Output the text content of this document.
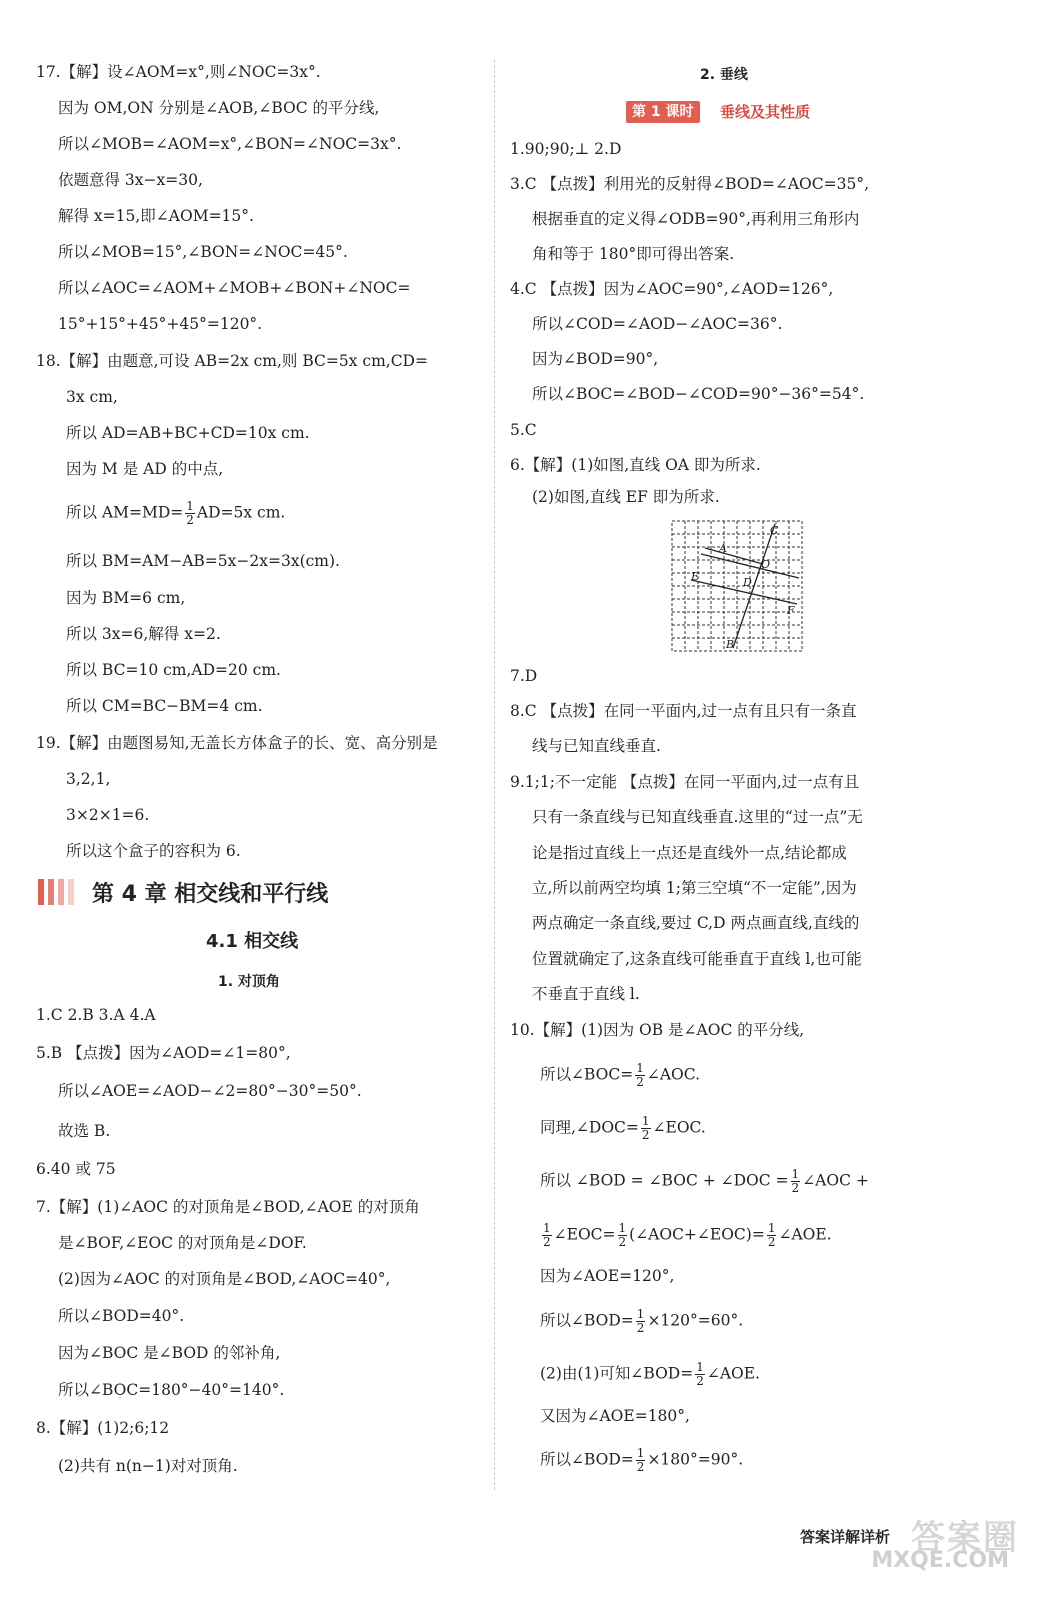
17.【解】设∠AOM=x°,则∠NOC=3x°.
因为 OM,ON 分别是∠AOB,∠BOC 的平分线,
所以∠MOB=∠AOM=x°,∠BON=∠NOC=3x°.
依题意得 3x−x=30,
解得 x=15,即∠AOM=15°.
所以∠MOB=15°,∠BON=∠NOC=45°.
所以∠AOC=∠AOM+∠MOB+∠BON+∠NOC=
15°+15°+45°+45°=120°.
18.【解】由题意,可设 AB=2x cm,则 BC=5x cm,CD=
3x cm,
所以 AD=AB+BC+CD=10x cm.
因为 M 是 AD 的中点,
所以 $AM=MD= \frac{1}{2} AD=5x$ cm.
所以 BM=AM−AB=5x−2x=3x(cm).
因为 BM=6 cm,
所以 3x=6,解得 x=2.
所以 BC=10 cm,AD=20 cm.
所以 CM=BC−BM=4 cm.
19.【解】由题图易知,无盖长方体盒子的长、宽、高分别是
3,2,1,
3×2×1=6.
所以这个盒子的容积为 6.
第 4 章 相交线和平行线
4.1 相交线
1. 对顶角
1.C 2.B 3.A 4.A
5.B 【点拨】因为∠AOD=∠1=80°,
所以∠AOE=∠AOD−∠2=80°−30°=50°.
故选 B.
6.40 或 75
7.【解】(1)∠AOC 的对顶角是∠BOD,∠AOE 的对顶角
是∠BOF,∠EOC 的对顶角是∠DOF.
(2)因为∠AOC 的对顶角是∠BOD,∠AOC=40°,
所以∠BOD=40°.
因为∠BOC 是∠BOD 的邻补角,
所以∠BOC=180°−40°=140°.
8.【解】(1)2;6;12
(2)共有 n(n−1)对对顶角.
2. 垂线
第 1 课时	垂线及其性质
1.90;90;⊥ 2.D
3.C 【点拨】利用光的反射得∠BOD=∠AOC=35°,
根据垂直的定义得∠ODB=90°,再利用三角形内
角和等于 180°即可得出答案.
4.C 【点拨】因为∠AOC=90°,∠AOD=126°,
所以∠COD=∠AOD−∠AOC=36°.
因为∠BOD=90°,
所以∠BOC=∠BOD−∠COD=90°−36°=54°.
5.C
6.【解】(1)如图,直线 OA 即为所求.
(2)如图,直线 EF 即为所求.
C
A
O
E	D
F
B
7.D
8.C 【点拨】在同一平面内,过一点有且只有一条直
线与已知直线垂直.
9.1;1;不一定能 【点拨】在同一平面内,过一点有且
只有一条直线与已知直线垂直.这里的“过一点”无
论是指过直线上一点还是直线外一点,结论都成
立,所以前两空均填 1;第三空填“不一定能”,因为
两点确定一条直线,要过 C,D 两点画直线,直线的
位置就确定了,这条直线可能垂直于直线 l,也可能
不垂直于直线 l.
10.【解】(1)因为 OB 是∠AOC 的平分线,
所以∠BOC= $\frac{1}{2}$ ∠AOC.
同理,∠DOC= $\frac{1}{2}$ ∠EOC.
所以 ∠BOD = ∠BOC + ∠DOC = $\frac{1}{2}$ ∠AOC +
$\frac{1}{2}$ ∠EOC= $\frac{1}{2}$ (∠AOC+∠EOC)= $\frac{1}{2}$ ∠AOE.
因为∠AOE=120°,
所以∠BOD= $\frac{1}{2} \times 120^\circ=60^\circ$.
(2)由(1)可知∠BOD= $\frac{1}{2}$ ∠AOE.
又因为∠AOE=180°,
所以∠BOD= $\frac{1}{2} \times 180^\circ=90^\circ$.
答案详解详析 答案圈
MXQE.COM
